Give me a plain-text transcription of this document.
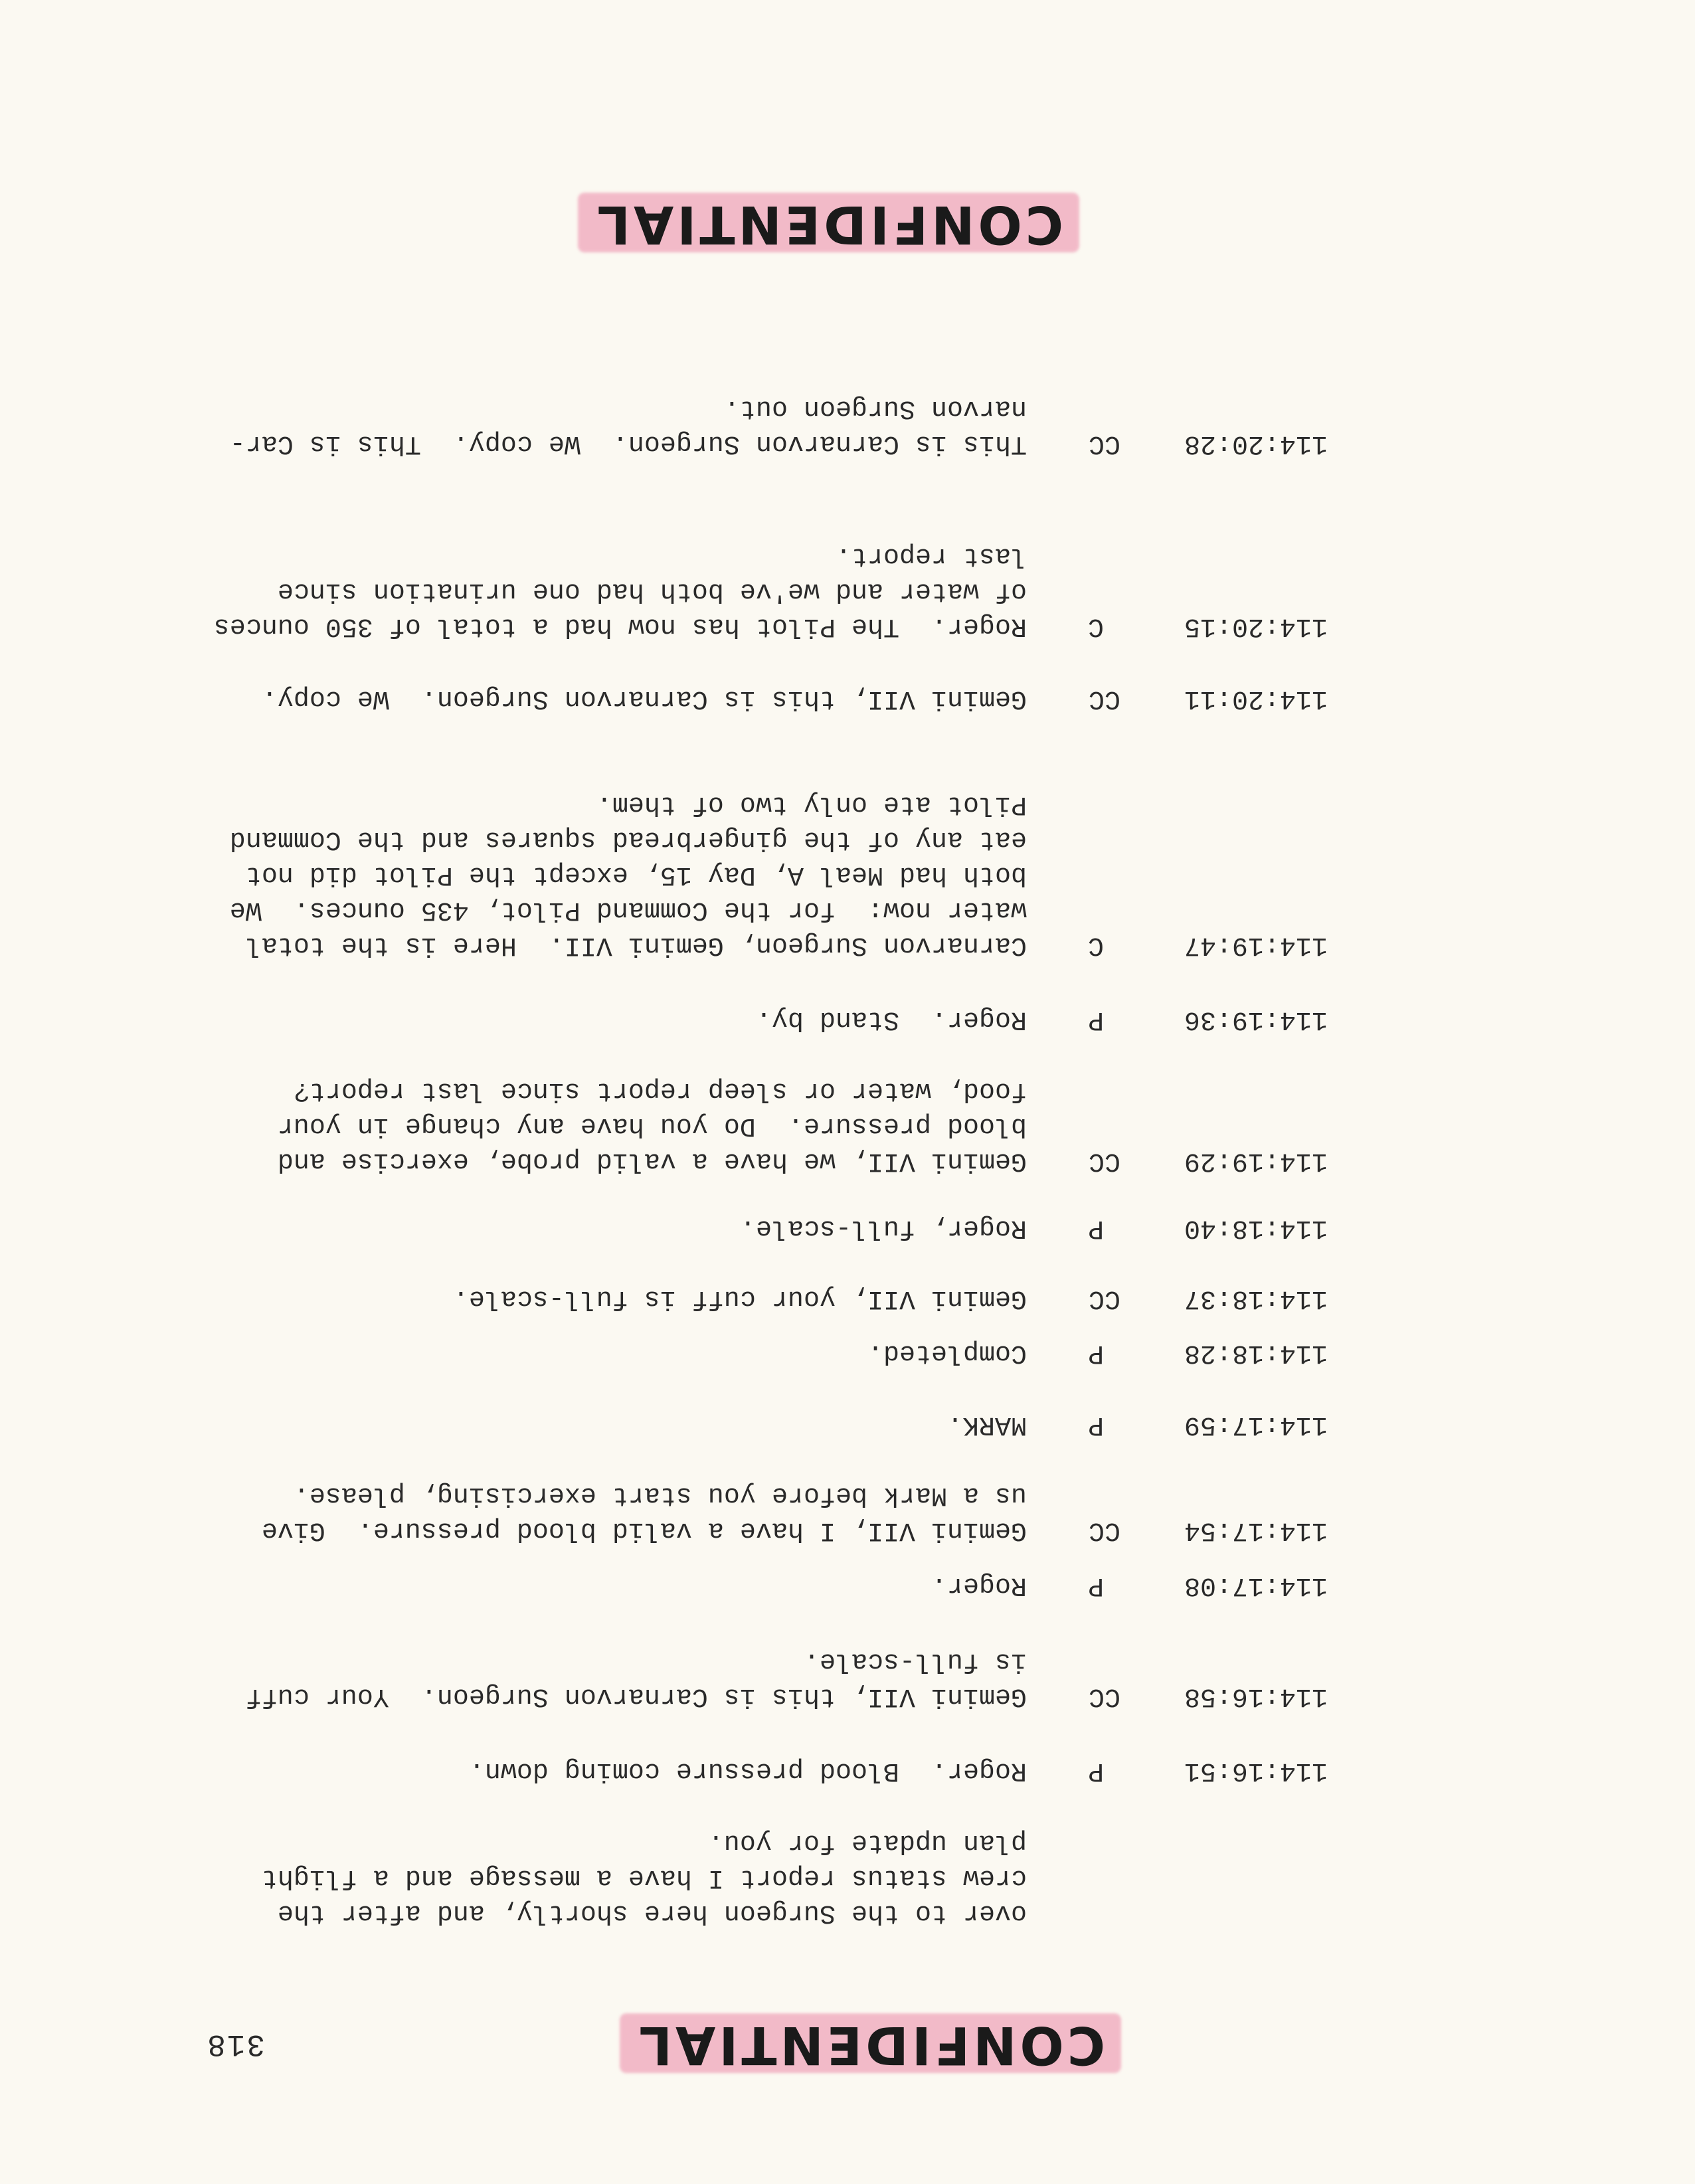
318	CONFIDENTIAL
over to the Surgeon here shortly, and after the
crew status report I have a message and a flight
plan update for you.
114:16:51
P
Roger.  Blood pressure coming down.
114:16:58
CC
Gemini VII, this is Carnarvon Surgeon.  Your cuff
is full-scale.
114:17:08
P
Roger.
114:17:54
CC
Gemini VII, I have a valid blood pressure.  Give
us a Mark before you start exercising, please.
114:17:59
P
MARK.
114:18:28
P
Completed.
114:18:37
CC
Gemini VII, your cuff is full-scale.
114:18:40
P
Roger, full-scale.
114:19:29
CC
Gemini VII, we have a valid probe, exercise and
blood pressure.  Do you have any change in your
food, water or sleep report since last report?
114:19:36
P
Roger.  Stand by.
114:19:47
C
Carnarvon Surgeon, Gemini VII.  Here is the total
water now:  for the Command Pilot, 435 ounces.  We
both had Meal A, Day 15, except the Pilot did not
eat any of the gingerbread squares and the Command
Pilot ate only two of them.
114:20:11
CC
Gemini VII, this is Carnarvon Surgeon.  We copy.
114:20:15
C
Roger.  The Pilot has now had a total of 350 ounces
of water and we've both had one urination since
last report.
114:20:28
CC
This is Carnarvon Surgeon.  We copy.  This is Car-
narvon Surgeon out.
CONFIDENTIAL
